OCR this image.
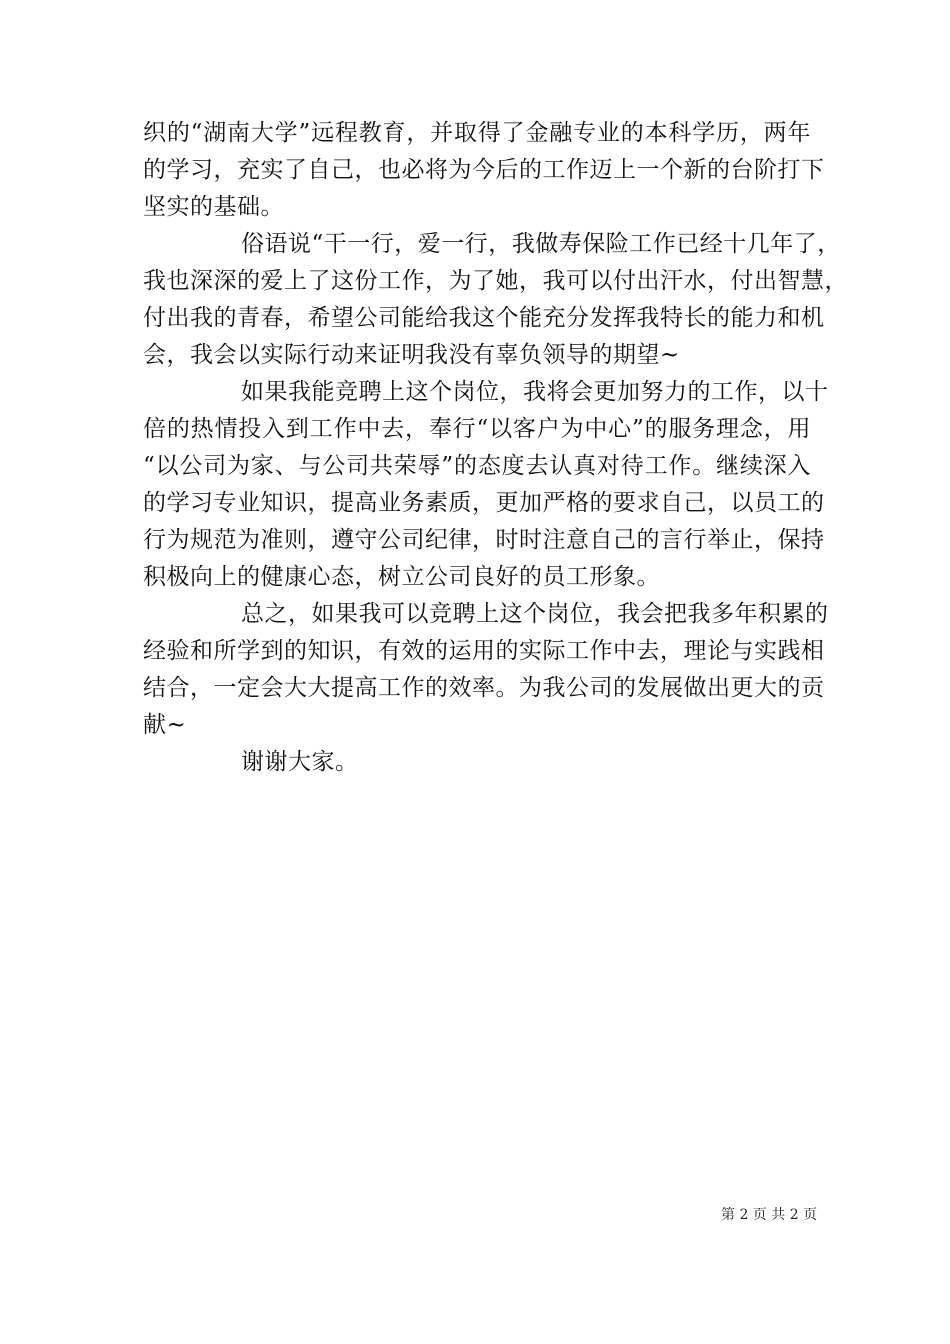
织的“湖南大学”远程教育，并取得了金融专业的本科学历，两年
的学习，充实了自己，也必将为今后的工作迈上一个新的台阶打下
坚实的基础。

俗语说“干一行，爱一行，我做寿保险工作已经十几年了，
我也深深的爱上了这份工作，为了她，我可以付出汗水，付出智慧，
付出我的青春，希望公司能给我这个能充分发挥我特长的能力和机
会，我会以实际行动来证明我没有辜负领导的期望~

如果我能竞聘上这个岗位，我将会更加努力的工作，以十
倍的热情投入到工作中去，奉行“以客户为中心”的服务理念，用
“以公司为家、与公司共荣辱”的态度去认真对待工作。继续深入
的学习专业知识，提高业务素质，更加严格的要求自己，以员工的
行为规范为准则，遵守公司纪律，时时注意自己的言行举止，保持
积极向上的健康心态，树立公司良好的员工形象。

总之，如果我可以竞聘上这个岗位，我会把我多年积累的
经验和所学到的知识，有效的运用的实际工作中去，理论与实践相
结合，一定会大大提高工作的效率。为我公司的发展做出更大的贡
献~

谢谢大家。

第 2 页 共 2 页
